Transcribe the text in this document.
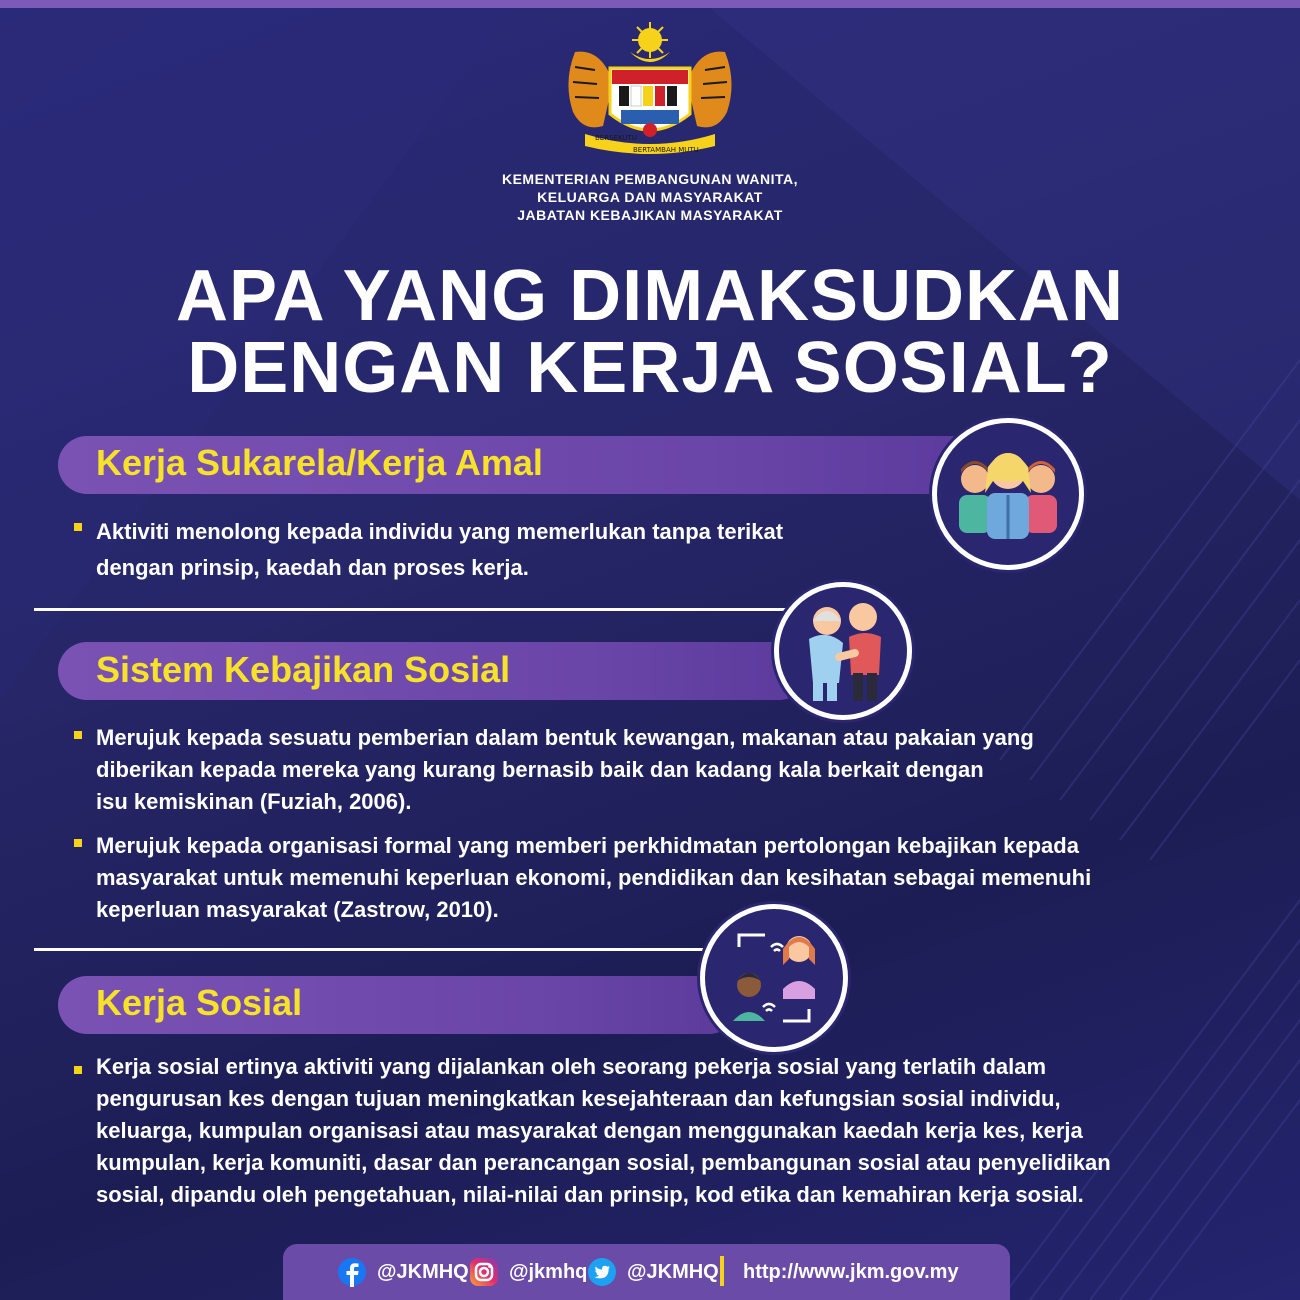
BERSEKUTU
BERTAMBAH MUTU
KEMENTERIAN PEMBANGUNAN WANITA,
KELUARGA DAN MASYARAKAT
JABATAN KEBAJIKAN MASYARAKAT
APA YANG DIMAKSUDKAN
DENGAN KERJA SOSIAL?
Kerja Sukarela/Kerja Amal
Aktiviti menolong kepada individu yang memerlukan tanpa terikat
dengan prinsip, kaedah dan proses kerja.
Sistem Kebajikan Sosial
Merujuk kepada sesuatu pemberian dalam bentuk kewangan, makanan atau pakaian yang
diberikan kepada mereka yang kurang bernasib baik dan kadang kala berkait dengan
isu kemiskinan (Fuziah, 2006).
Merujuk kepada organisasi formal yang memberi perkhidmatan pertolongan kebajikan kepada
masyarakat untuk memenuhi keperluan ekonomi, pendidikan dan kesihatan sebagai memenuhi
keperluan masyarakat (Zastrow, 2010).
Kerja Sosial
Kerja sosial ertinya aktiviti yang dijalankan oleh seorang pekerja sosial yang terlatih dalam
pengurusan kes dengan tujuan meningkatkan kesejahteraan dan kefungsian sosial individu,
keluarga, kumpulan organisasi atau masyarakat dengan menggunakan kaedah kerja kes, kerja
kumpulan, kerja komuniti, dasar dan perancangan sosial, pembangunan sosial atau penyelidikan
sosial, dipandu oleh pengetahuan, nilai-nilai dan prinsip, kod etika dan kemahiran kerja sosial.
@JKMHQ @jkmhq @JKMHQ http://www.jkm.gov.my
